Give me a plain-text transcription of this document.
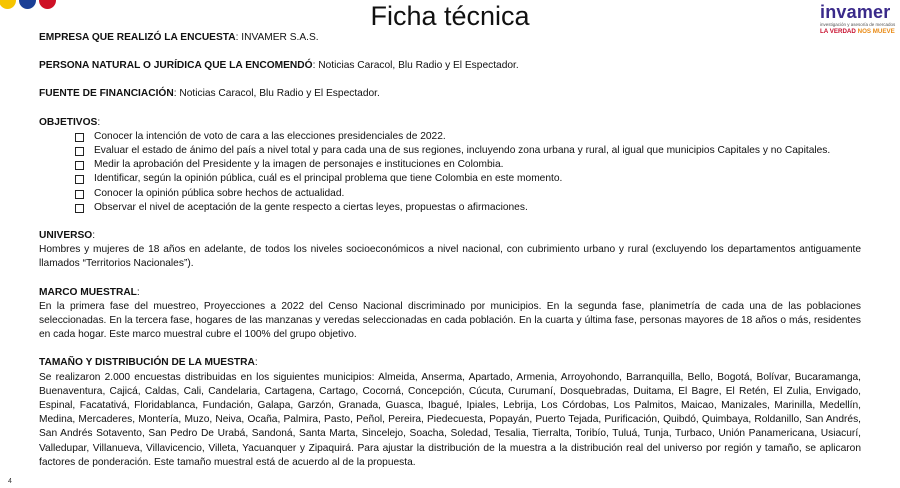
Ficha técnica	invamer
investigación y asesoría de mercados
LA VERDAD NOS MUEVE
EMPRESA QUE REALIZÓ LA ENCUESTA: INVAMER S.A.S.
PERSONA NATURAL O JURÍDICA QUE LA ENCOMENDÓ: Noticias Caracol, Blu Radio y El Espectador.
FUENTE DE FINANCIACIÓN: Noticias Caracol, Blu Radio y El Espectador.
OBJETIVOS:
Conocer la intención de voto de cara a las elecciones presidenciales de 2022.
Evaluar el estado de ánimo del país a nivel total y para cada una de sus regiones, incluyendo zona urbana y rural, al igual que municipios Capitales y no Capitales.
Medir la aprobación del Presidente y la imagen de personajes e instituciones en Colombia.
Identificar, según la opinión pública, cuál es el principal problema que tiene Colombia en este momento.
Conocer la opinión pública sobre hechos de actualidad.
Observar el nivel de aceptación de la gente respecto a ciertas leyes, propuestas o afirmaciones.
UNIVERSO:
Hombres y mujeres de 18 años en adelante, de todos los niveles socioeconómicos a nivel nacional, con cubrimiento urbano y rural (excluyendo los departamentos antiguamente llamados “Territorios Nacionales”).
MARCO MUESTRAL:
En la primera fase del muestreo, Proyecciones a 2022 del Censo Nacional discriminado por municipios. En la segunda fase, planimetría de cada una de las poblaciones seleccionadas. En la tercera fase, hogares de las manzanas y veredas seleccionadas en cada población. En la cuarta y última fase, personas mayores de 18 años o más, residentes en cada hogar. Este marco muestral cubre el 100% del grupo objetivo.
TAMAÑO Y DISTRIBUCIÓN DE LA MUESTRA:
Se realizaron 2.000 encuestas distribuidas en los siguientes municipios: Almeida, Anserma, Apartado, Armenia, Arroyohondo, Barranquilla, Bello, Bogotá, Bolívar, Bucaramanga, Buenaventura, Cajicá, Caldas, Cali, Candelaria, Cartagena, Cartago, Cocorná, Concepción, Cúcuta, Curumaní, Dosquebradas, Duitama, El Bagre, El Retén, El Zulia, Envigado, Espinal, Facatativá, Floridablanca, Fundación, Galapa, Garzón, Granada, Guasca, Ibagué, Ipiales, Lebrija, Los Córdobas, Los Palmitos, Maicao, Manizales, Marinilla, Medellín, Medina, Mercaderes, Montería, Muzo, Neiva, Ocaña, Palmira, Pasto, Peñol, Pereira, Piedecuesta, Popayán, Puerto Tejada, Purificación, Quibdó, Quimbaya, Roldanillo, San Andrés, San Andrés Sotavento, San Pedro De Urabá, Sandoná, Santa Marta, Sincelejo, Soacha, Soledad, Tesalia, Tierralta, Toribío, Tuluá, Tunja, Turbaco, Unión Panamericana, Usiacurí, Valledupar, Villanueva, Villavicencio, Villeta, Yacuanquer y Zipaquirá. Para ajustar la distribución de la muestra a la distribución real del universo por región y tamaño, se aplicaron factores de ponderación. Este tamaño muestral está de acuerdo al de la propuesta.
4
